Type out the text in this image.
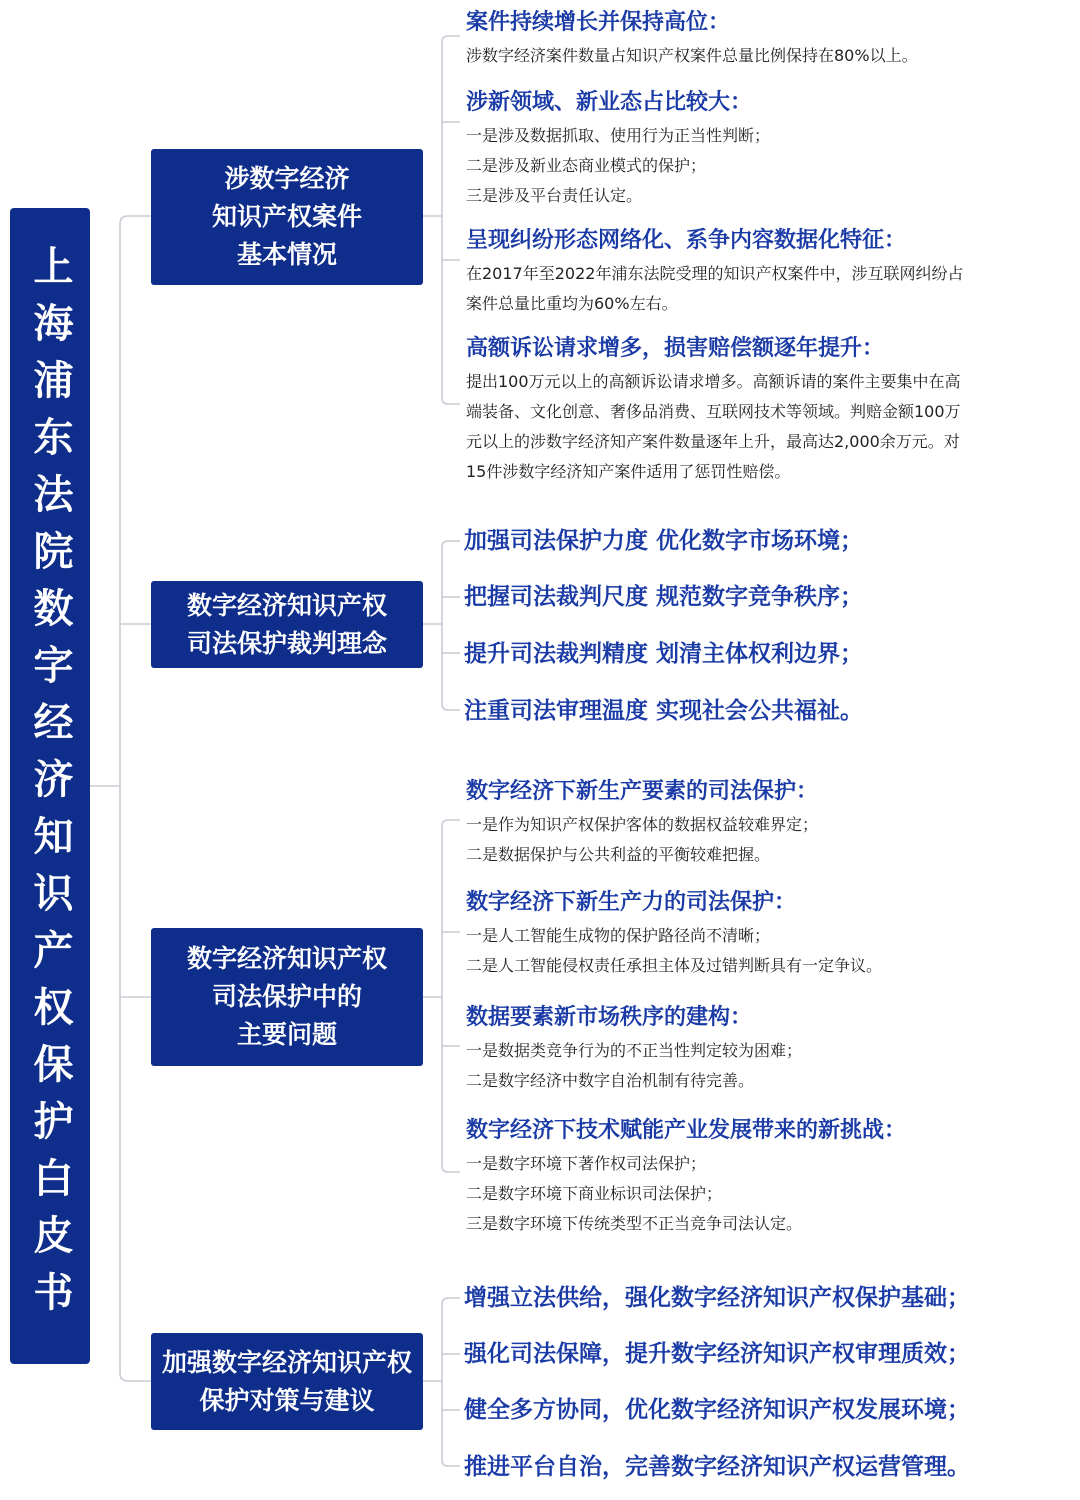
上海浦东法院数字经济知识产权保护白皮书
涉数字经济
知识产权案件
基本情况
案件持续增长并保持高位：
涉数字经济案件数量占知识产权案件总量比例保持在80%以上。
涉新领域、新业态占比较大：
一是涉及数据抓取、使用行为正当性判断；
二是涉及新业态商业模式的保护；
三是涉及平台责任认定。
呈现纠纷形态网络化、系争内容数据化特征：
在2017年至2022年浦东法院受理的知识产权案件中，涉互联网纠纷占
案件总量比重均为60%左右。
高额诉讼请求增多，损害赔偿额逐年提升：
提出100万元以上的高额诉讼请求增多。高额诉请的案件主要集中在高
端装备、文化创意、奢侈品消费、互联网技术等领域。判赔金额100万
元以上的涉数字经济知产案件数量逐年上升，最高达2,000余万元。对
15件涉数字经济知产案件适用了惩罚性赔偿。
数字经济知识产权
司法保护裁判理念
加强司法保护力度 优化数字市场环境；
把握司法裁判尺度 规范数字竞争秩序；
提升司法裁判精度 划清主体权利边界；
注重司法审理温度 实现社会公共福祉。
数字经济知识产权
司法保护中的
主要问题
数字经济下新生产要素的司法保护：
一是作为知识产权保护客体的数据权益较难界定；
二是数据保护与公共利益的平衡较难把握。
数字经济下新生产力的司法保护：
一是人工智能生成物的保护路径尚不清晰；
二是人工智能侵权责任承担主体及过错判断具有一定争议。
数据要素新市场秩序的建构：
一是数据类竞争行为的不正当性判定较为困难；
二是数字经济中数字自治机制有待完善。
数字经济下技术赋能产业发展带来的新挑战：
一是数字环境下著作权司法保护；
二是数字环境下商业标识司法保护；
三是数字环境下传统类型不正当竞争司法认定。
加强数字经济知识产权
保护对策与建议
增强立法供给，强化数字经济知识产权保护基础；
强化司法保障，提升数字经济知识产权审理质效；
健全多方协同，优化数字经济知识产权发展环境；
推进平台自治，完善数字经济知识产权运营管理。
